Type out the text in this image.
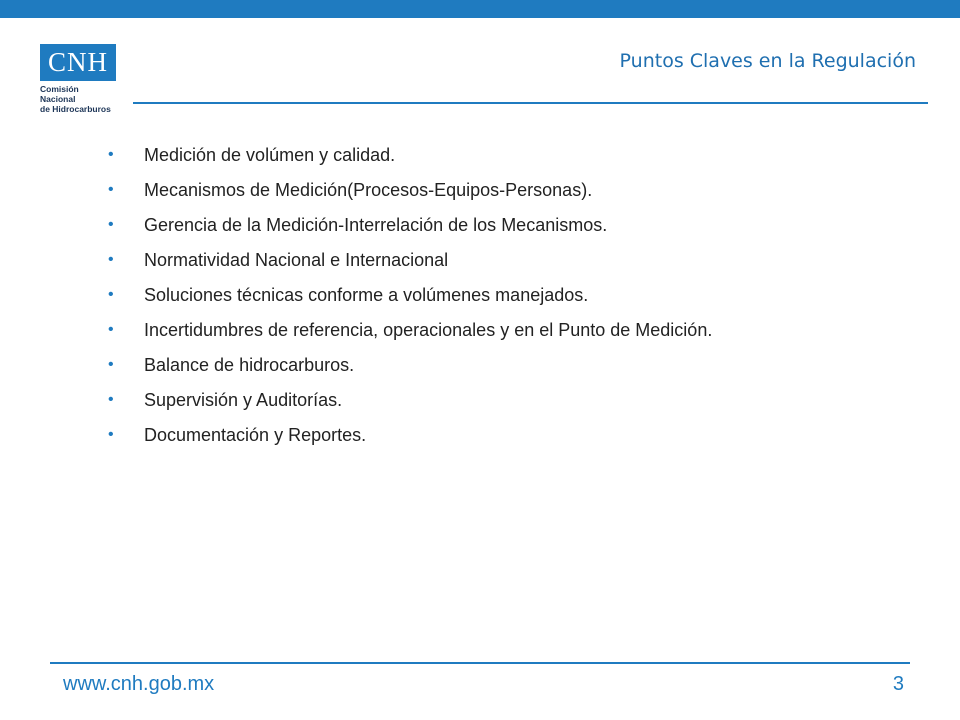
CNH
Comisión Nacional
de Hidrocarburos
Puntos Claves en la Regulación
• Medición de volúmen y calidad.
• Mecanismos de Medición(Procesos-Equipos-Personas).
• Gerencia de la Medición-Interrelación de los Mecanismos.
• Normatividad Nacional e Internacional
• Soluciones técnicas conforme a volúmenes manejados.
• Incertidumbres de referencia, operacionales y en el Punto de Medición.
• Balance de hidrocarburos.
• Supervisión y Auditorías.
• Documentación y Reportes.
www.cnh.gob.mx	3
